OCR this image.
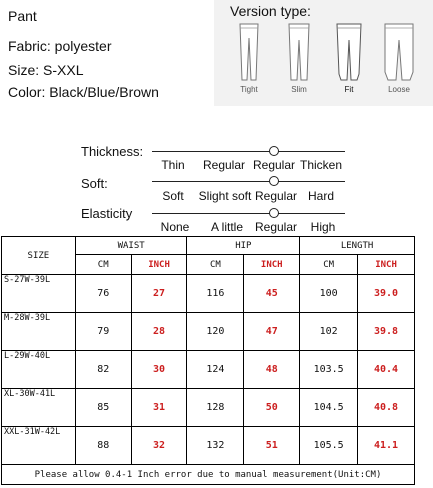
Pant
Fabric: polyester
Size: S-XXL
Color: Black/Blue/Brown
Version type:
Tight	Slim	Fit	Loose
Thickness:
Thin Regular Regular Thicken
Soft:
Soft Slight soft Regular Hard
Elasticity
None A little Regular High
SIZE	WAIST		HIP		LENGTH	
	CM	INCH	CM	INCH	CM	INCH
S-27W-39L	76	27	116	45	100	39.0
M-28W-39L	79	28	120	47	102	39.8
L-29W-40L	82	30	124	48	103.5	40.4
XL-30W-41L	85	31	128	50	104.5	40.8
XXL-31W-42L	88	32	132	51	105.5	41.1
Please allow 0.4-1 Inch error due to manual measurement(Unit:CM)						
